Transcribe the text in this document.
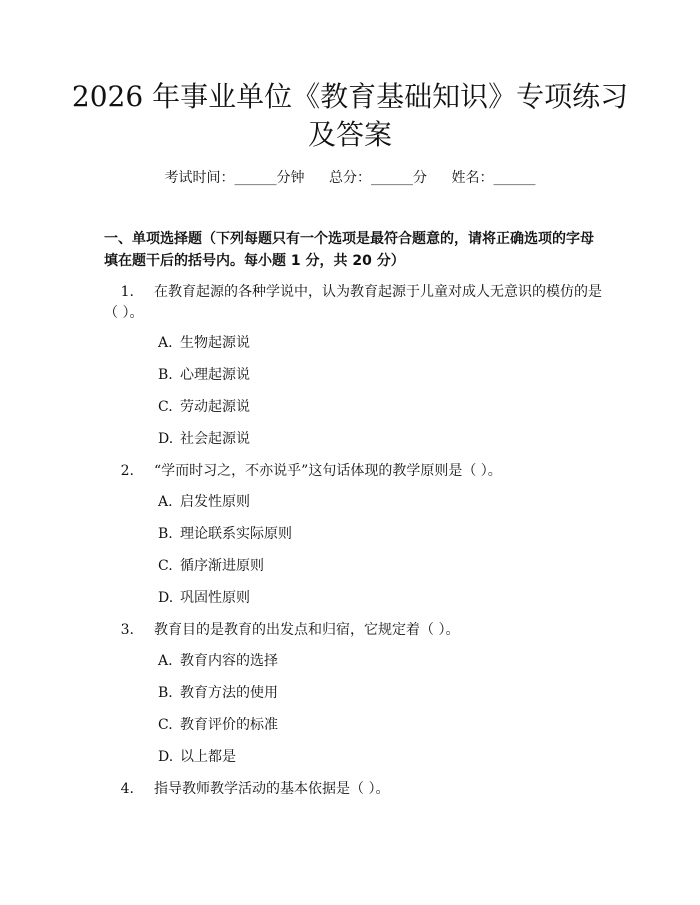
2026 年事业单位《教育基础知识》专项练习
及答案
考试时间：______分钟 总分：______分 姓名：______
一、单项选择题（下列每题只有一个选项是最符合题意的，请将正确选项的字母填在题干后的括号内。每小题 1 分，共 20 分）
1. 在教育起源的各种学说中，认为教育起源于儿童对成人无意识的模仿的是（ ）。
A. 生物起源说
B. 心理起源说
C. 劳动起源说
D. 社会起源说
2. “学而时习之，不亦说乎”这句话体现的教学原则是（ ）。
A. 启发性原则
B. 理论联系实际原则
C. 循序渐进原则
D. 巩固性原则
3. 教育目的是教育的出发点和归宿，它规定着（ ）。
A. 教育内容的选择
B. 教育方法的使用
C. 教育评价的标准
D. 以上都是
4. 指导教师教学活动的基本依据是（ ）。
